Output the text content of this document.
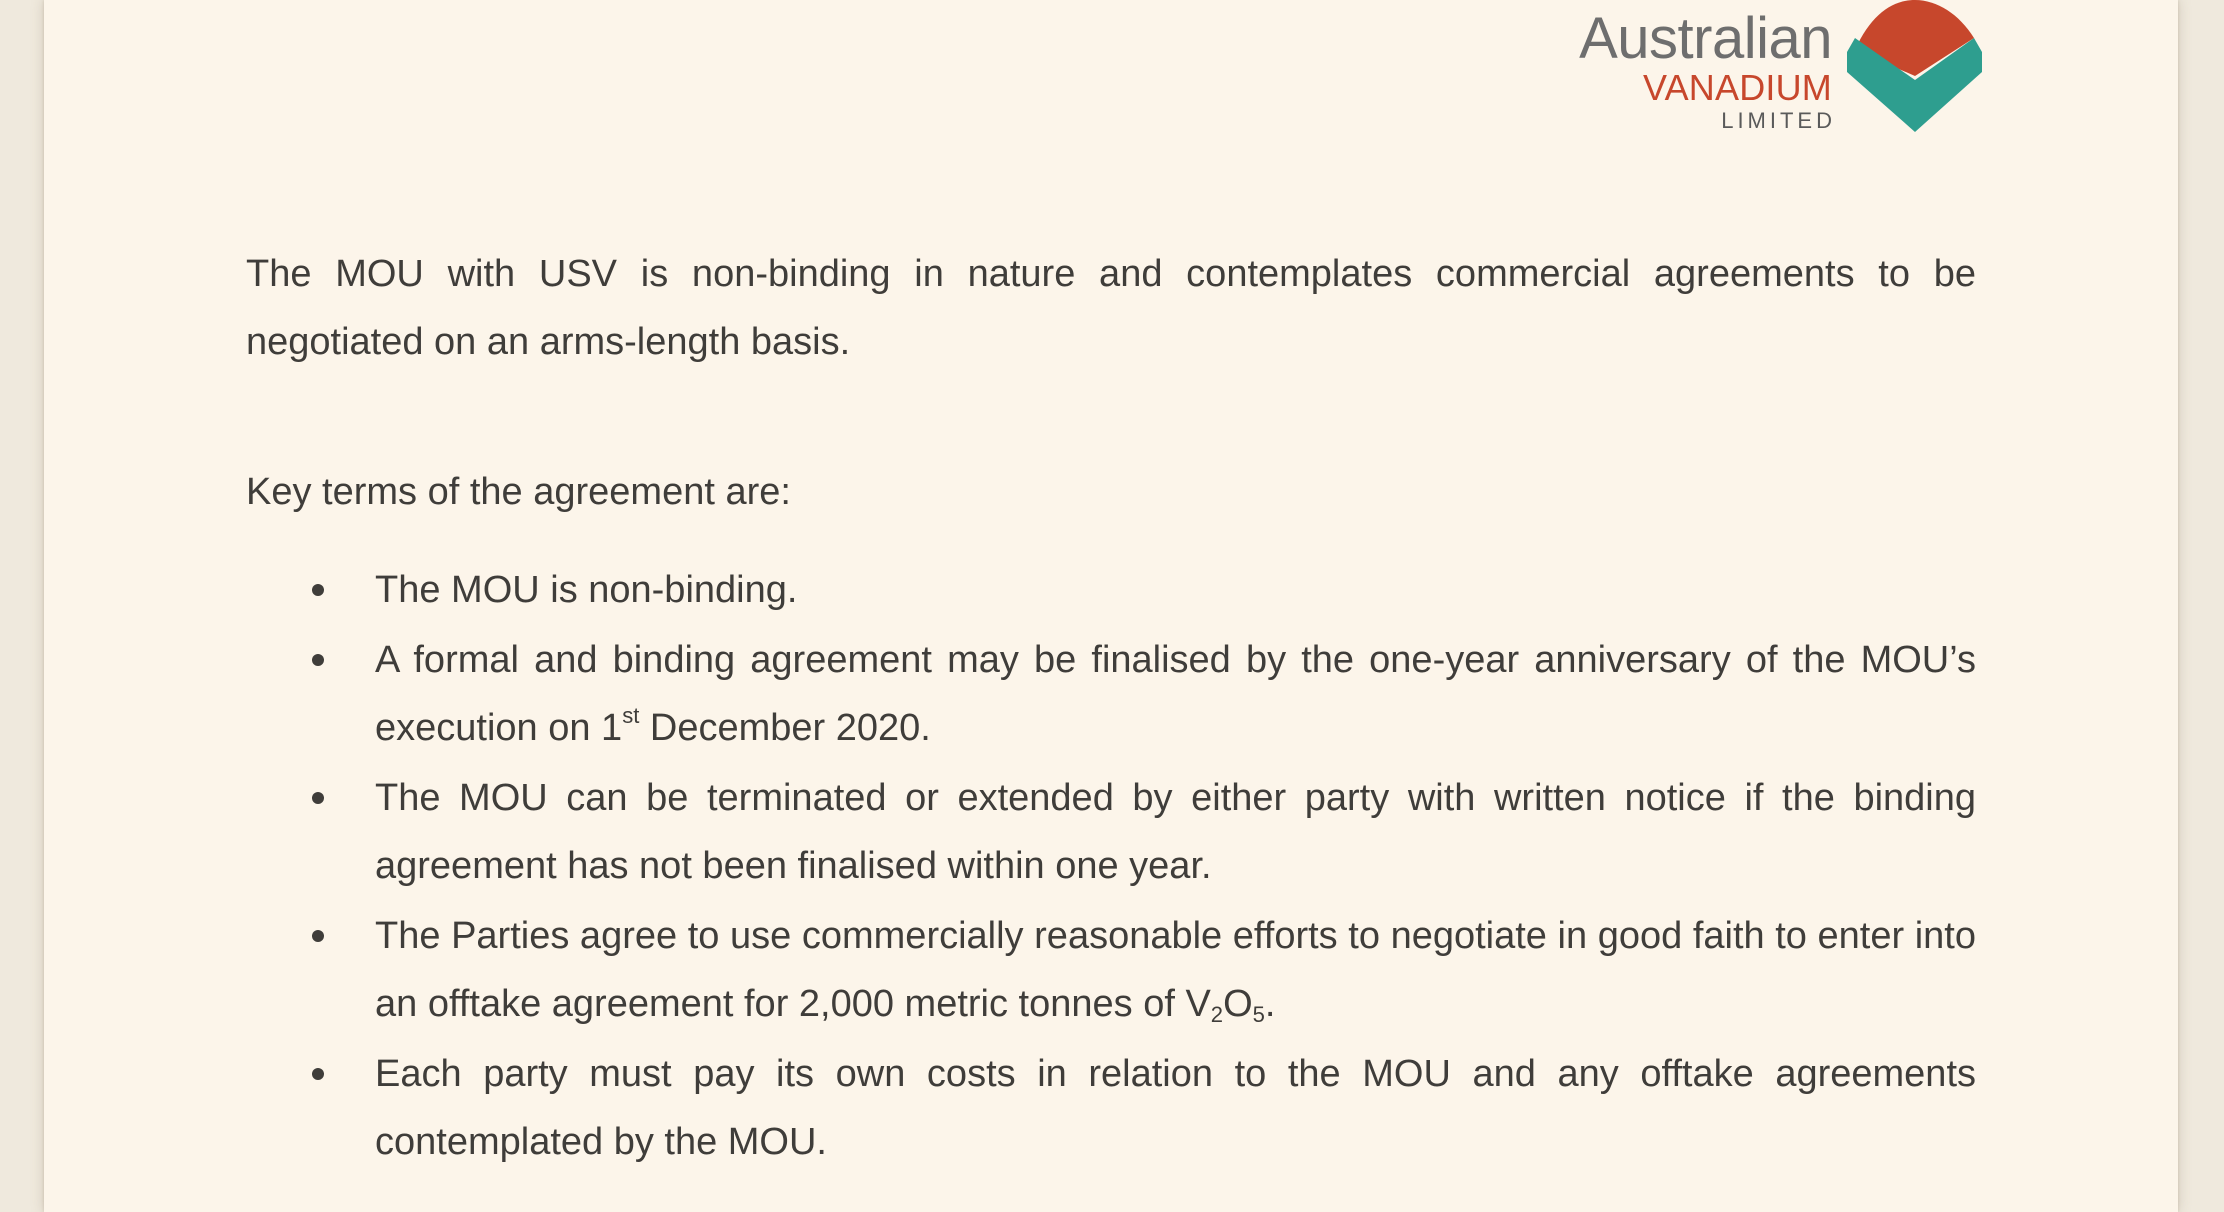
Australian
VANADIUM
LIMITED

The MOU with USV is non-binding in nature and contemplates commercial agreements to be negotiated on an arms-length basis.

Key terms of the agreement are:

The MOU is non-binding.
A formal and binding agreement may be finalised by the one-year anniversary of the MOU’s execution on 1st December 2020.
The MOU can be terminated or extended by either party with written notice if the binding agreement has not been finalised within one year.
The Parties agree to use commercially reasonable efforts to negotiate in good faith to enter into an offtake agreement for 2,000 metric tonnes of $V_2O_5$.
Each party must pay its own costs in relation to the MOU and any offtake agreements contemplated by the MOU.
